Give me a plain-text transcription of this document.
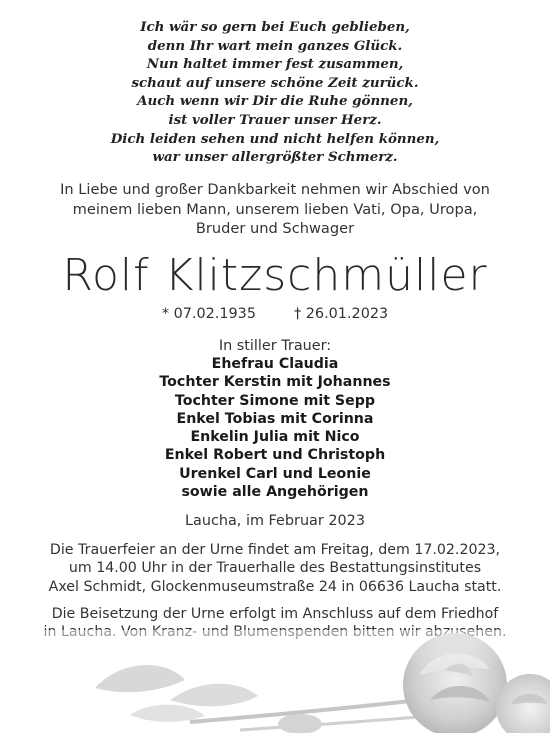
Ich wär so gern bei Euch geblieben,
denn Ihr wart mein ganzes Glück.
Nun haltet immer fest zusammen,
schaut auf unsere schöne Zeit zurück.
Auch wenn wir Dir die Ruhe gönnen,
ist voller Trauer unser Herz.
Dich leiden sehen und nicht helfen können,
war unser allergrößter Schmerz.
In Liebe und großer Dankbarkeit nehmen wir Abschied von
meinem lieben Mann, unserem lieben Vati, Opa, Uropa,
Bruder und Schwager
Rolf Klitzschmüller
* 07.02.1935	† 26.01.2023
In stiller Trauer:
Ehefrau Claudia
Tochter Kerstin mit Johannes
Tochter Simone mit Sepp
Enkel Tobias mit Corinna
Enkelin Julia mit Nico
Enkel Robert und Christoph
Urenkel Carl und Leonie
sowie alle Angehörigen
Laucha, im Februar 2023
Die Trauerfeier an der Urne findet am Freitag, dem 17.02.2023,
um 14.00 Uhr in der Trauerhalle des Bestattungsinstitutes
Axel Schmidt, Glockenmuseumstraße 24 in 06636 Laucha statt.
Die Beisetzung der Urne erfolgt im Anschluss auf dem Friedhof
